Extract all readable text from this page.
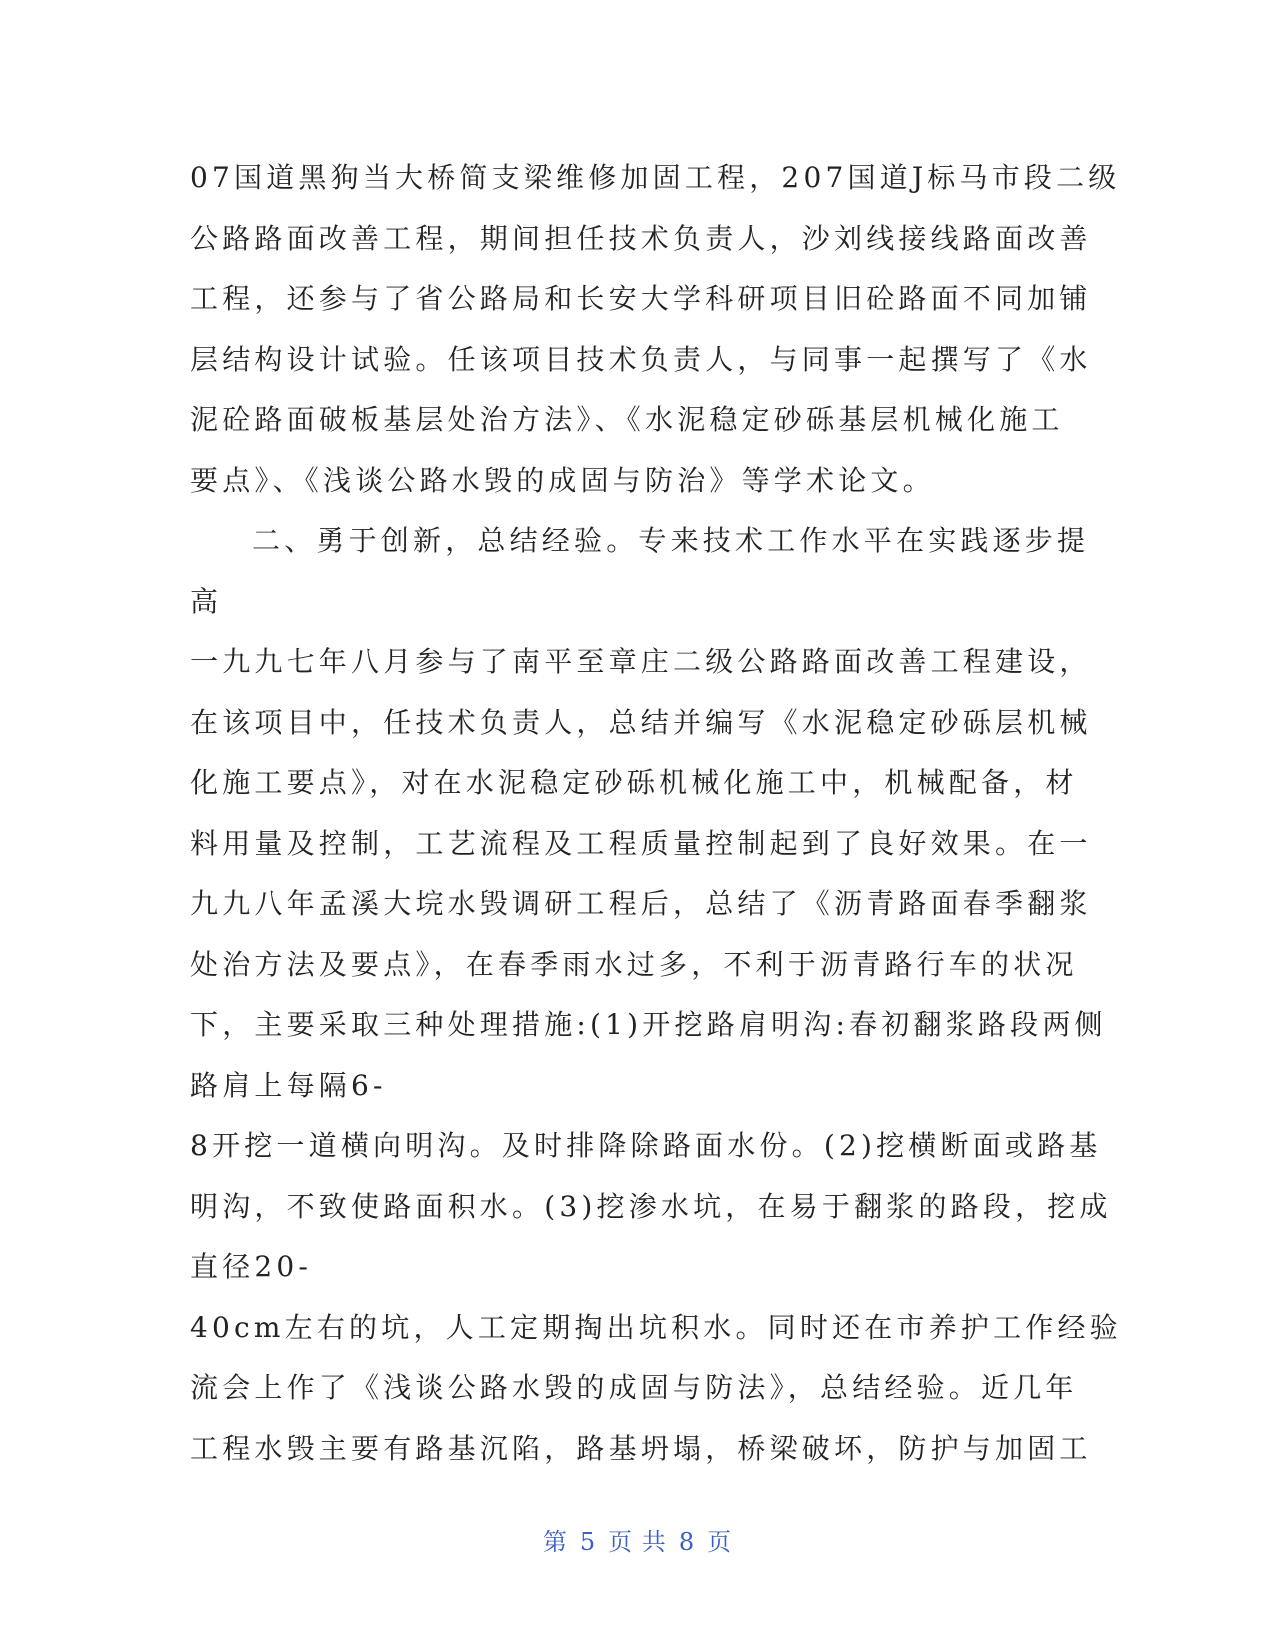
07国道黑狗当大桥简支梁维修加固工程，207国道J标马市段二级
公路路面改善工程，期间担任技术负责人，沙刘线接线路面改善
工程，还参与了省公路局和长安大学科研项目旧砼路面不同加铺
层结构设计试验。任该项目技术负责人，与同事一起撰写了《水
泥砼路面破板基层处治方法》、《水泥稳定砂砾基层机械化施工
要点》、《浅谈公路水毁的成固与防治》等学术论文。
二、勇于创新，总结经验。专来技术工作水平在实践逐步提
高
一九九七年八月参与了南平至章庄二级公路路面改善工程建设，
在该项目中，任技术负责人，总结并编写《水泥稳定砂砾层机械
化施工要点》，对在水泥稳定砂砾机械化施工中，机械配备，材
料用量及控制，工艺流程及工程质量控制起到了良好效果。在一
九九八年孟溪大垸水毁调研工程后，总结了《沥青路面春季翻浆
处治方法及要点》，在春季雨水过多，不利于沥青路行车的状况
下，主要采取三种处理措施:(1)开挖路肩明沟:春初翻浆路段两侧
路肩上每隔6-
8开挖一道横向明沟。及时排降除路面水份。(2)挖横断面或路基
明沟，不致使路面积水。(3)挖渗水坑，在易于翻浆的路段，挖成
直径20-
40cm左右的坑，人工定期掏出坑积水。同时还在市养护工作经验
流会上作了《浅谈公路水毁的成固与防法》，总结经验。近几年
工程水毁主要有路基沉陷，路基坍塌，桥梁破坏，防护与加固工
第 5 页 共 8 页
